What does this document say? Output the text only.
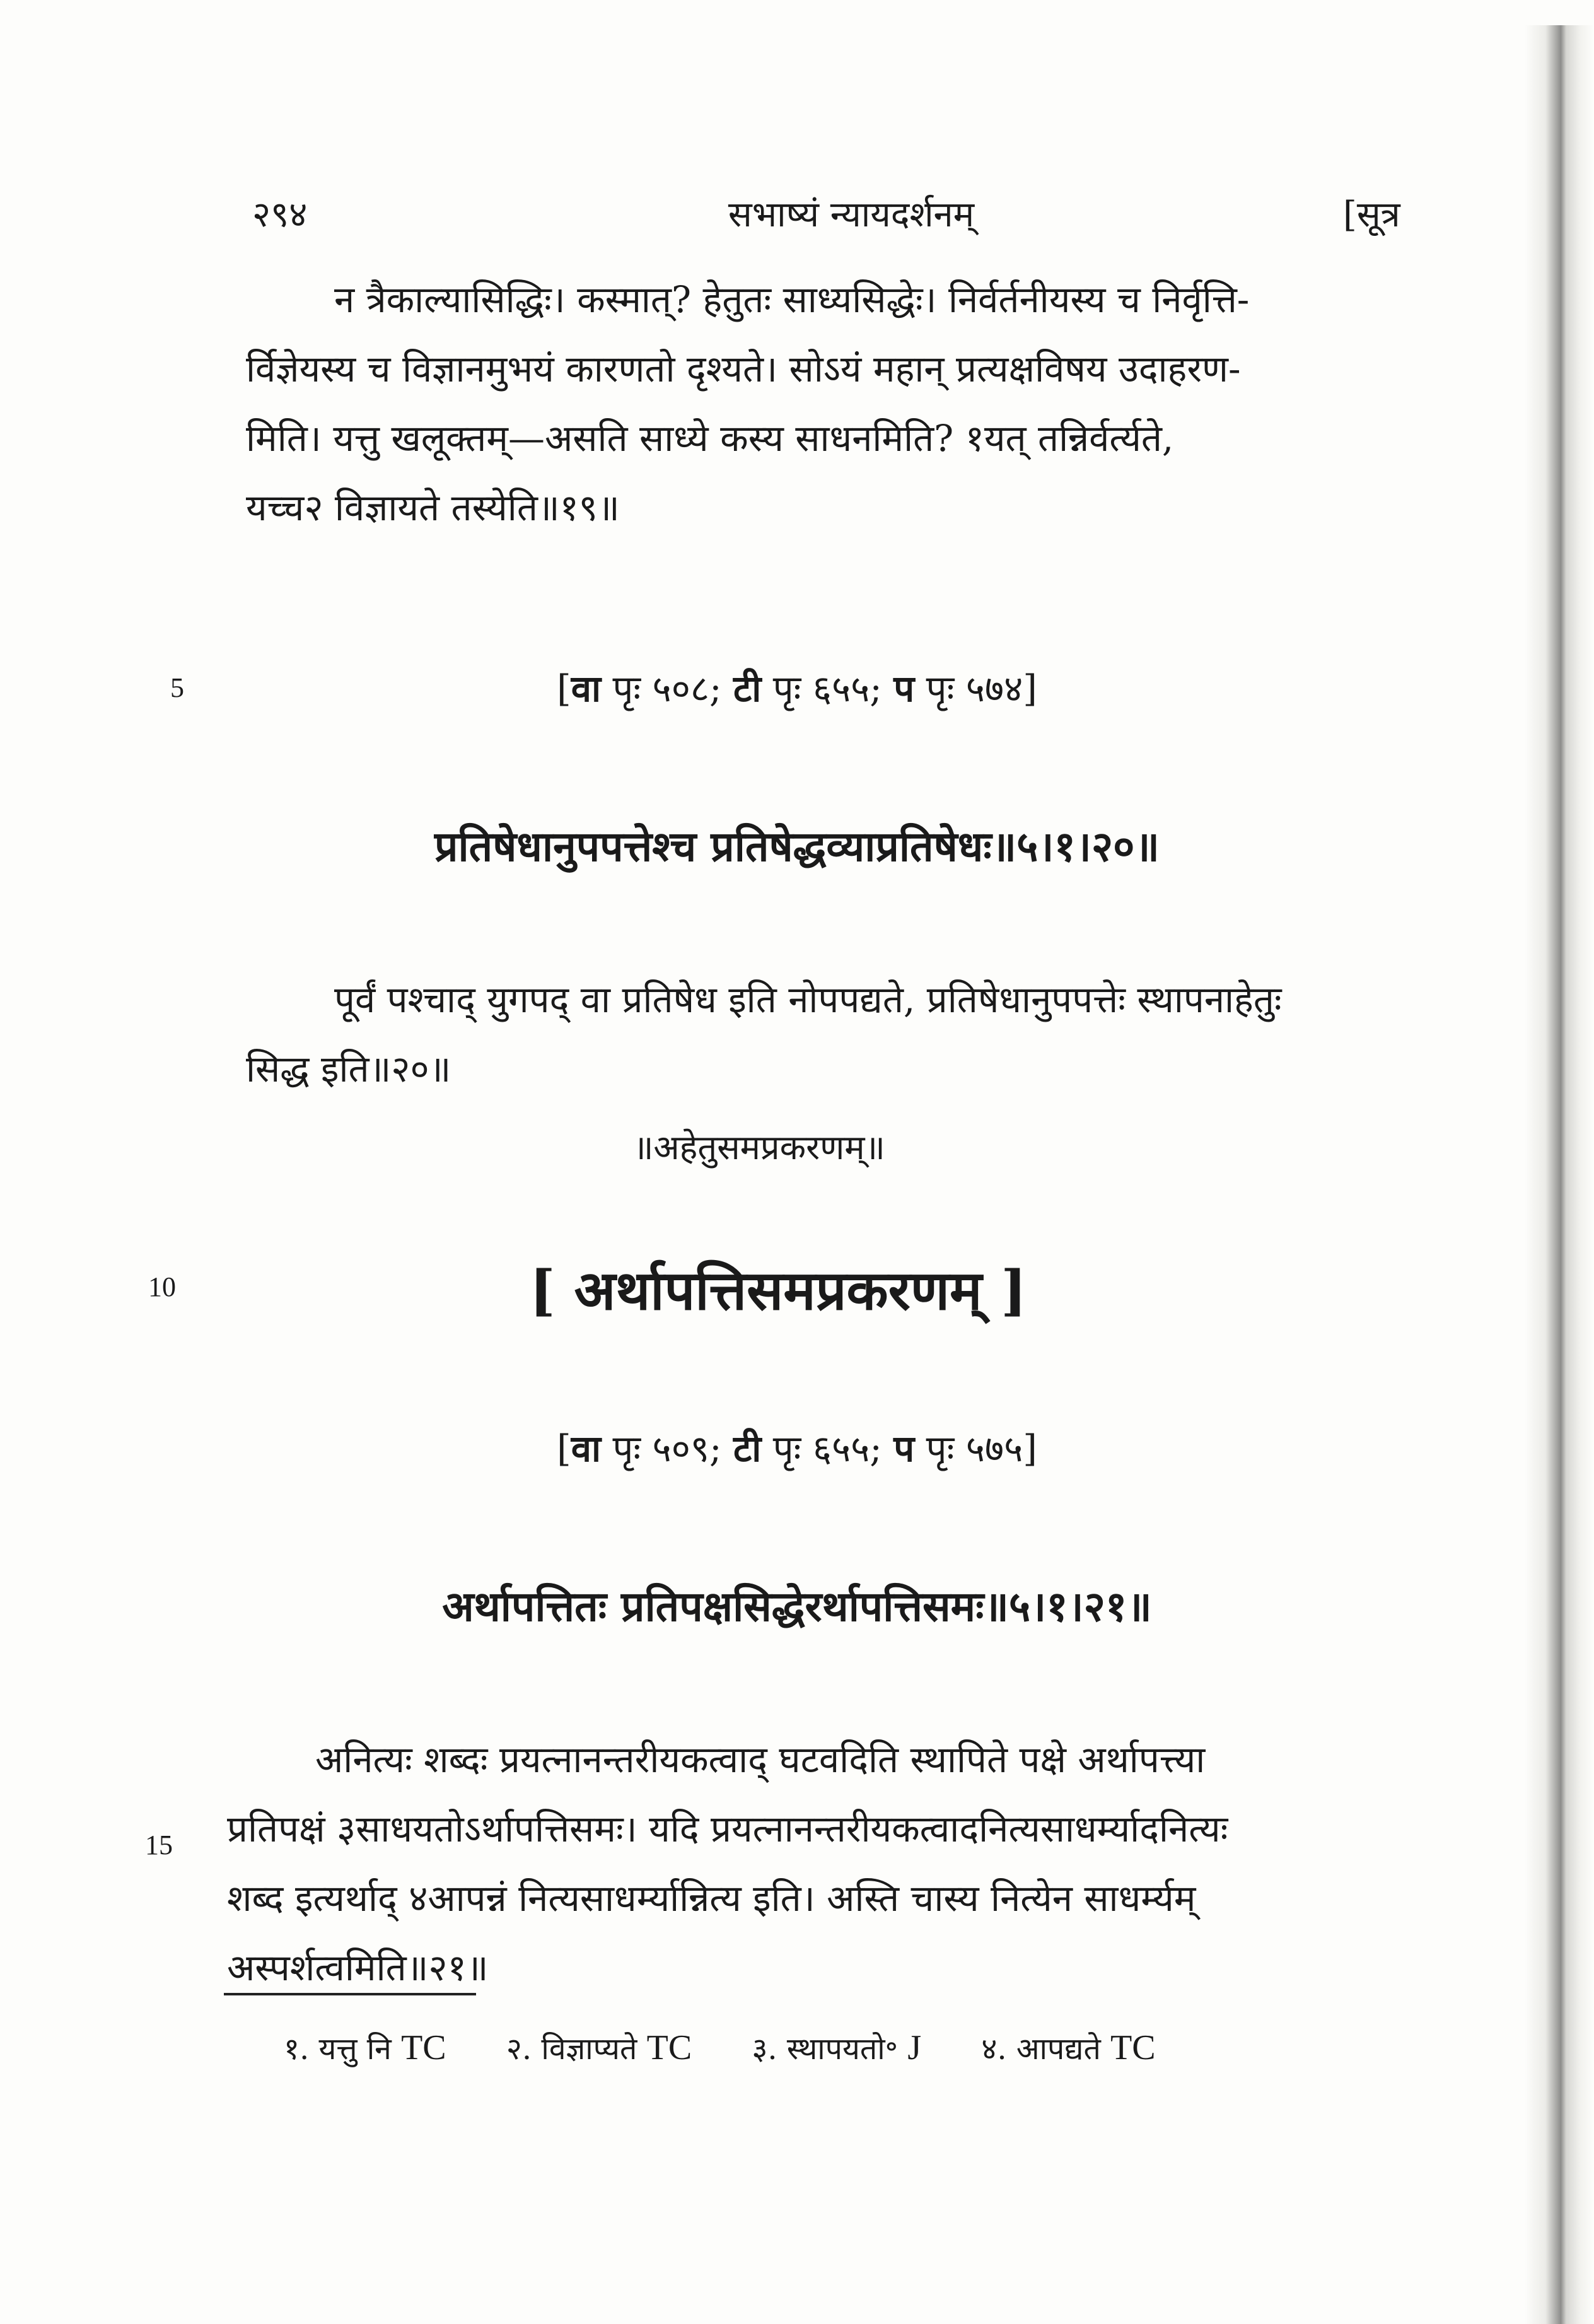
२९४	सभाष्यं न्यायदर्शनम्	[सूत्र
न त्रैकाल्यासिद्धिः। कस्मात्? हेतुतः साध्यसिद्धेः। निर्वर्तनीयस्य च निर्वृत्ति-
र्विज्ञेयस्य च विज्ञानमुभयं कारणतो दृश्यते। सोऽयं महान् प्रत्यक्षविषय उदाहरण-
मिति। यत्तु खलूक्तम्—असति साध्ये कस्य साधनमिति? १यत् तन्निर्वर्त्यते,
यच्च२ विज्ञायते तस्येति॥१९॥
5	[वा पृः ५०८; टी पृः ६५५; प पृः ५७४]
प्रतिषेधानुपपत्तेश्च प्रतिषेद्धव्याप्रतिषेधः॥५।१।२०॥
पूर्वं पश्चाद् युगपद् वा प्रतिषेध इति नोपपद्यते, प्रतिषेधानुपपत्तेः स्थापनाहेतुः
सिद्ध इति॥२०॥
॥अहेतुसमप्रकरणम्॥
10	[ अर्थापत्तिसमप्रकरणम् ]
[वा पृः ५०९; टी पृः ६५५; प पृः ५७५]
अर्थापत्तितः प्रतिपक्षसिद्धेरर्थापत्तिसमः॥५।१।२१॥
अनित्यः शब्दः प्रयत्नानन्तरीयकत्वाद् घटवदिति स्थापिते पक्षे अर्थापत्त्या
प्रतिपक्षं ३साधयतोऽर्थापत्तिसमः। यदि प्रयत्नानन्तरीयकत्वादनित्यसाधर्म्यादनित्यः
शब्द इत्यर्थाद् ४आपन्नं नित्यसाधर्म्यान्नित्य इति। अस्ति चास्य नित्येन साधर्म्यम्
अस्पर्शत्वमिति॥२१॥
15
१. यत्तु नि TC २. विज्ञाप्यते TC ३. स्थापयतो॰ J ४. आपद्यते TC
